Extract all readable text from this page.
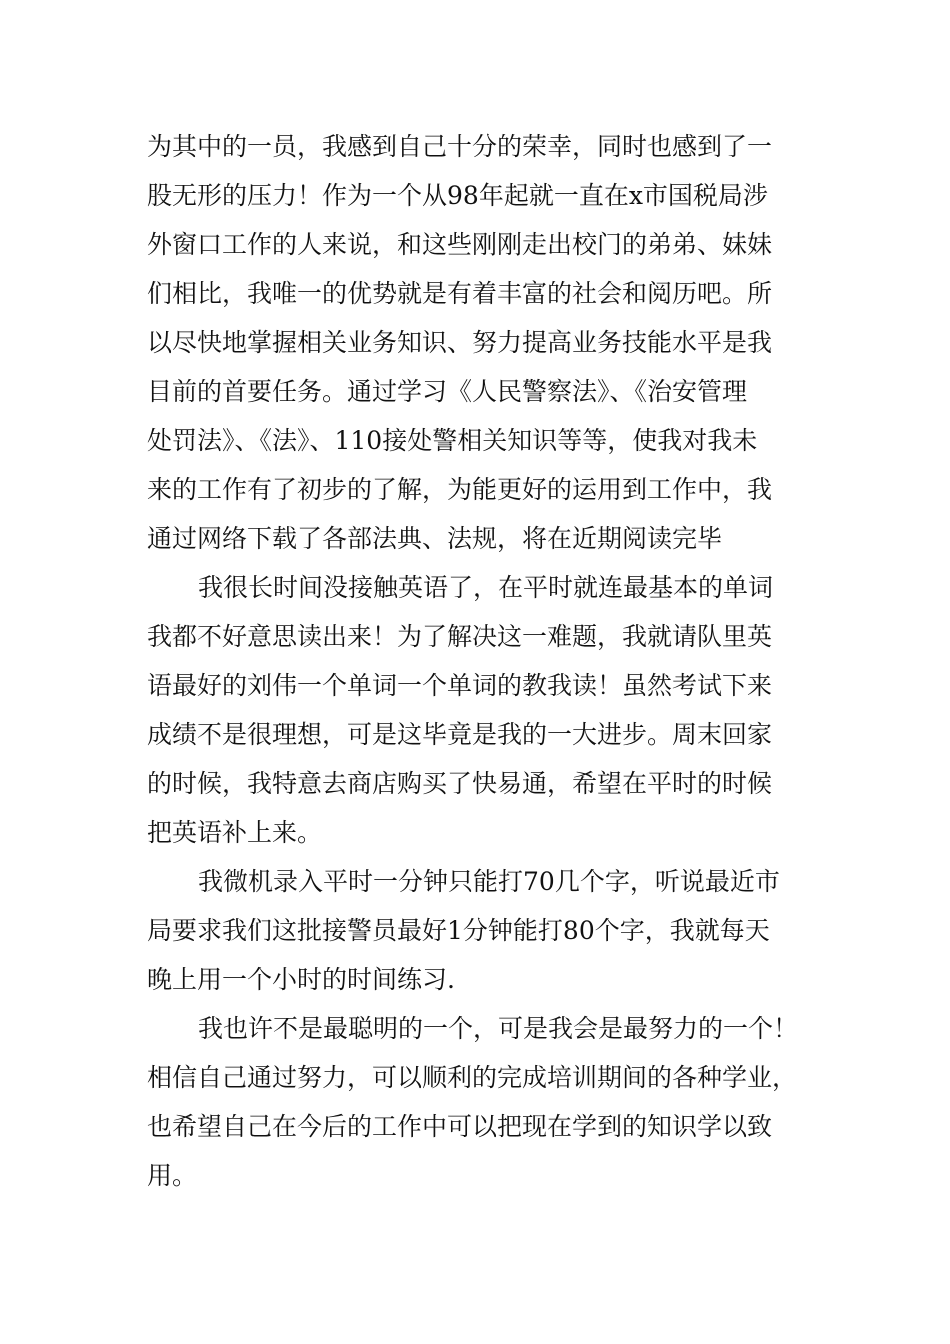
为其中的一员，我感到自己十分的荣幸，同时也感到了一
股无形的压力！作为一个从98年起就一直在x市国税局涉
外窗口工作的人来说，和这些刚刚走出校门的弟弟、妹妹
们相比，我唯一的优势就是有着丰富的社会和阅历吧。所
以尽快地掌握相关业务知识、努力提高业务技能水平是我
目前的首要任务。通过学习《人民警察法》、《治安管理
处罚法》、《法》、110接处警相关知识等等，使我对我未
来的工作有了初步的了解，为能更好的运用到工作中，我
通过网络下载了各部法典、法规，将在近期阅读完毕

我很长时间没接触英语了，在平时就连最基本的单词
我都不好意思读出来！为了解决这一难题，我就请队里英
语最好的刘伟一个单词一个单词的教我读！虽然考试下来
成绩不是很理想，可是这毕竟是我的一大进步。周末回家
的时候，我特意去商店购买了快易通，希望在平时的时候
把英语补上来。

我微机录入平时一分钟只能打70几个字，听说最近市
局要求我们这批接警员最好1分钟能打80个字，我就每天
晚上用一个小时的时间练习.

我也许不是最聪明的一个，可是我会是最努力的一个！
相信自己通过努力，可以顺利的完成培训期间的各种学业，
也希望自己在今后的工作中可以把现在学到的知识学以致
用。
